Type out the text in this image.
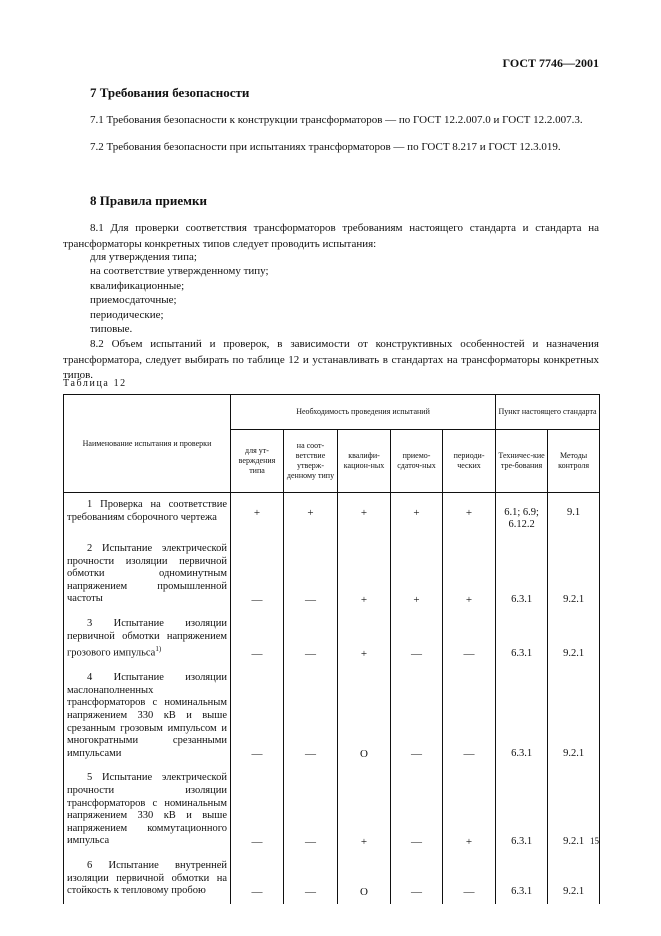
ГОСТ 7746—2001
7 Требования безопасности
7.1 Требования безопасности к конструкции трансформаторов — по ГОСТ 12.2.007.0 и ГОСТ 12.2.007.3.
7.2 Требования безопасности при испытаниях трансформаторов — по ГОСТ 8.217 и ГОСТ 12.3.019.
8 Правила приемки
8.1 Для проверки соответствия трансформаторов требованиям настоящего стандарта и стандарта на трансформаторы конкретных типов следует проводить испытания:
для утверждения типа;
на соответствие утвержденному типу;
квалификационные;
приемосдаточные;
периодические;
типовые.
8.2 Объем испытаний и проверок, в зависимости от конструктивных особенностей и назначения трансформатора, следует выбирать по таблице 12 и устанавливать в стандартах на трансформаторы конкретных типов.
Таблица 12
Наименование испытания и проверки	Необходимость проведения испытаний					Пункт настоящего стандарта	
	для ут-верждения типа	на соот-ветствие утверж-денному типу	квалифи-кацион-ных	приемо-сдаточ-ных	периоди-ческих	Техничес-кие тре-бования	Методы контроля
1 Проверка на соответствие требованиям сборочного чертежа	+	+	+	+	+	6.1; 6.9; 6.12.2	9.1
2 Испытание электрической прочности изоляции первичной обмотки одноминутным напряжением промышленной частоты	—	—	+	+	+	6.3.1	9.2.1
3 Испытание изоляции первичной обмотки напряжением грозового импульса$^{1)}$	—	—	+	—	—	6.3.1	9.2.1
4 Испытание изоляции маслонаполненных трансформаторов с номинальным напряжением 330 кВ и выше срезанным грозовым импульсом и многократными срезанными импульсами	—	—	О	—	—	6.3.1	9.2.1
5 Испытание электрической прочности изоляции трансформаторов с номинальным напряжением 330 кВ и выше напряжением коммутационного импульса	—	—	+	—	+	6.3.1	9.2.1
6 Испытание внутренней изоляции первичной обмотки на стойкость к тепловому пробою	—	—	О	—	—	6.3.1	9.2.1
15
